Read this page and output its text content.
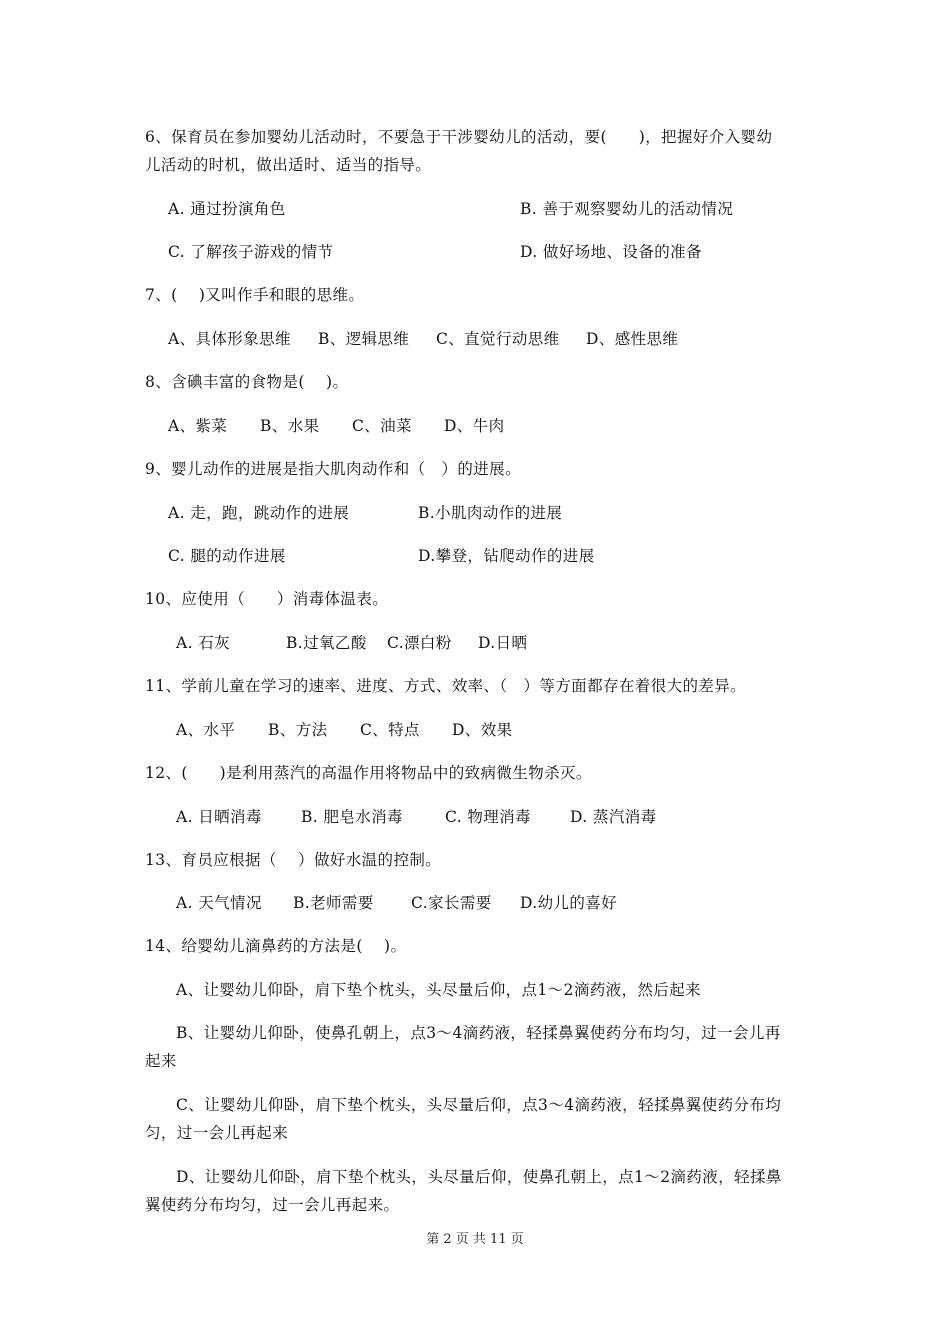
6、保育员在参加婴幼儿活动时，不要急于干涉婴幼儿的活动，要(　　)，把握好介入婴幼
儿活动的时机，做出适时、适当的指导。
A. 通过扮演角色	B. 善于观察婴幼儿的活动情况
C. 了解孩子游戏的情节	D. 做好场地、设备的准备
7、(　 )又叫作手和眼的思维。
A、具体形象思维 B、逻辑思维 C、直觉行动思维 D、感性思维
8、含碘丰富的食物是(　 )。
A、紫菜 B、水果 C、油菜 D、牛肉
9、婴儿动作的进展是指大肌肉动作和（　）的进展。
A. 走，跑，跳动作的进展	B.小肌肉动作的进展
C. 腿的动作进展	D.攀登，钻爬动作的进展
10、应使用（　　）消毒体温表。
A. 石灰	B.过氧乙酸 C.漂白粉 D.日晒
11、学前儿童在学习的速率、进度、方式、效率、（　）等方面都存在着很大的差异。
A、水平 B、方法 C、特点 D、效果
12、(　　)是利用蒸汽的高温作用将物品中的致病微生物杀灭。
A. 日晒消毒	B. 肥皂水消毒	C. 物理消毒	D. 蒸汽消毒
13、育员应根据（　 ）做好水温的控制。
A. 天气情况 B.老师需要 C.家长需要 D.幼儿的喜好
14、给婴幼儿滴鼻药的方法是(　 )。
A、让婴幼儿仰卧，肩下垫个枕头，头尽量后仰，点1～2滴药液，然后起来
B、让婴幼儿仰卧，使鼻孔朝上，点3～4滴药液，轻揉鼻翼使药分布均匀，过一会儿再
起来
C、让婴幼儿仰卧，肩下垫个枕头，头尽量后仰，点3～4滴药液，轻揉鼻翼使药分布均
匀，过一会儿再起来
D、让婴幼儿仰卧，肩下垫个枕头，头尽量后仰，使鼻孔朝上，点1～2滴药液，轻揉鼻
翼使药分布均匀，过一会儿再起来。
第 2 页 共 11 页
